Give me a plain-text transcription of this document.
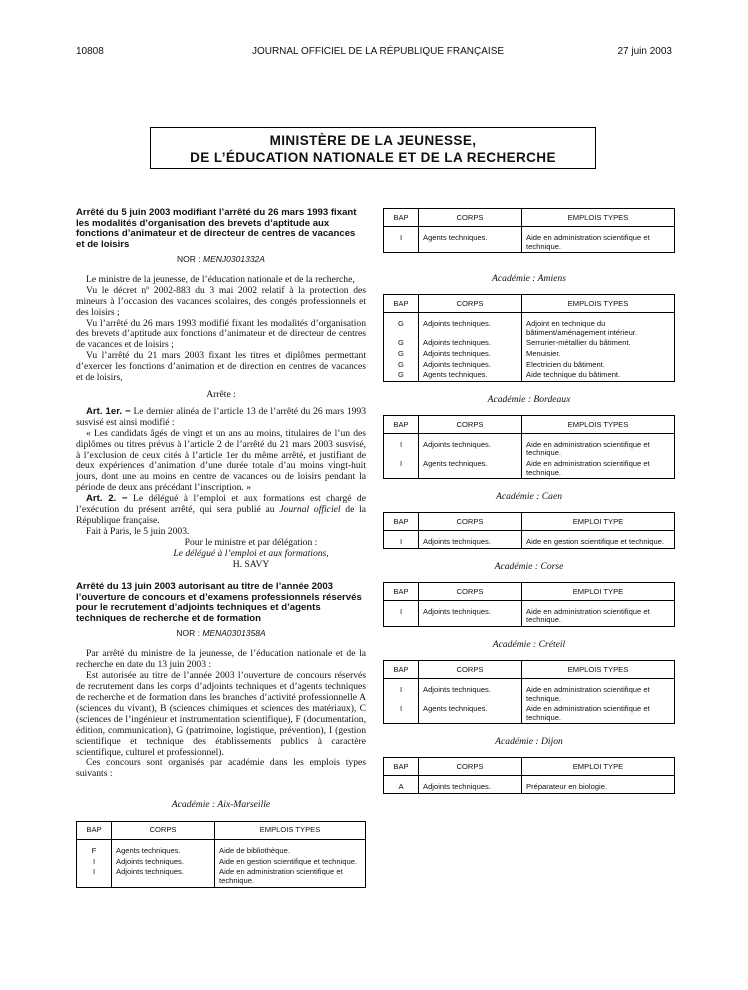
10808	JOURNAL OFFICIEL DE LA RÉPUBLIQUE FRANÇAISE	27 juin 2003
MINISTÈRE DE LA JEUNESSE,
DE L’ÉDUCATION NATIONALE ET DE LA RECHERCHE

Arrêté du 5 juin 2003 modifiant l’arrêté du 26 mars 1993 fixant les modalités d’organisation des brevets d’aptitude aux fonctions d’animateur et de directeur de centres de vacances et de loisirs

NOR : MENJ0301332A

Le ministre de la jeunesse, de l’éducation nationale et de la recherche,

Vu le décret nº 2002-883 du 3 mai 2002 relatif à la protection des mineurs à l’occasion des vacances scolaires, des congés professionnels et des loisirs ;

Vu l’arrêté du 26 mars 1993 modifié fixant les modalités d’organisation des brevets d’aptitude aux fonctions d’animateur et de directeur de centres de vacances et de loisirs ;

Vu l’arrêté du 21 mars 2003 fixant les titres et diplômes permettant d’exercer les fonctions d’animation et de direction en centres de vacances et de loisirs,

Arrête :

Art. 1er. − Le dernier alinéa de l’article 13 de l’arrêté du 26 mars 1993 susvisé est ainsi modifié :

« Les candidats âgés de vingt et un ans au moins, titulaires de l’un des diplômes ou titres prévus à l’article 2 de l’arrêté du 21 mars 2003 susvisé, à l’exclusion de ceux cités à l’article 1er du même arrêté, et justifiant de deux expériences d’animation d’une durée totale d’au moins vingt-huit jours, dont une au moins en centre de vacances ou de loisirs pendant la période de deux ans précédant l’inscription. »

Art. 2. − Le délégué à l’emploi et aux formations est chargé de l’exécution du présent arrêté, qui sera publié au Journal officiel de la République française.

Fait à Paris, le 5 juin 2003.

Pour le ministre et par délégation :

Le délégué à l’emploi et aux formations,

H. SAVY

Arrêté du 13 juin 2003 autorisant au titre de l’année 2003 l’ouverture de concours et d’examens professionnels réservés pour le recrutement d’adjoints techniques et d’agents techniques de recherche et de formation

NOR : MENA0301358A

Par arrêté du ministre de la jeunesse, de l’éducation nationale et de la recherche en date du 13 juin 2003 :

Est autorisée au titre de l’année 2003 l’ouverture de concours réservés de recrutement dans les corps d’adjoints techniques et d’agents techniques de recherche et de formation dans les branches d’activité professionnelle A (sciences du vivant), B (sciences chimiques et sciences des matériaux), C (sciences de l’ingénieur et instrumentation scientifique), F (documentation, édition, communication), G (patrimoine, logistique, prévention), I (gestion scientifique et technique des établissements publics à caractère scientifique, culturel et professionnel).

Ces concours sont organisés par académie dans les emplois types suivants :

Académie : Aix-Marseille
BAP	CORPS	EMPLOIS TYPES

F	Agents techniques.	Aide de bibliothèque.
I	Adjoints techniques.	Aide en gestion scientifique et technique.
I	Adjoints techniques.	Aide en administration scientifique et technique.
BAP	CORPS	EMPLOIS TYPES

I	Agents techniques.	Aide en administration scientifique et technique.
Académie : Amiens
BAP	CORPS	EMPLOIS TYPES

G	Adjoints techniques.	Adjoint en technique du bâtiment/aménagement intérieur.
G	Adjoints techniques.	Serrurier-métallier du bâtiment.
G	Adjoints techniques.	Menuisier.
G	Adjoints techniques.	Electricien du bâtiment.
G	Agents techniques.	Aide technique du bâtiment.
Académie : Bordeaux
BAP	CORPS	EMPLOIS TYPES

I	Adjoints techniques.	Aide en administration scientifique et technique.
I	Agents techniques.	Aide en administration scientifique et technique.
Académie : Caen
BAP	CORPS	EMPLOI TYPE

I	Adjoints techniques.	Aide en gestion scientifique et technique.
Académie : Corse
BAP	CORPS	EMPLOI TYPE

I	Adjoints techniques.	Aide en administration scientifique et technique.
Académie : Créteil
BAP	CORPS	EMPLOIS TYPES

I	Adjoints techniques.	Aide en administration scientifique et technique.
I	Agents techniques.	Aide en administration scientifique et technique.
Académie : Dijon
BAP	CORPS	EMPLOI TYPE

A	Adjoints techniques.	Préparateur en biologie.
